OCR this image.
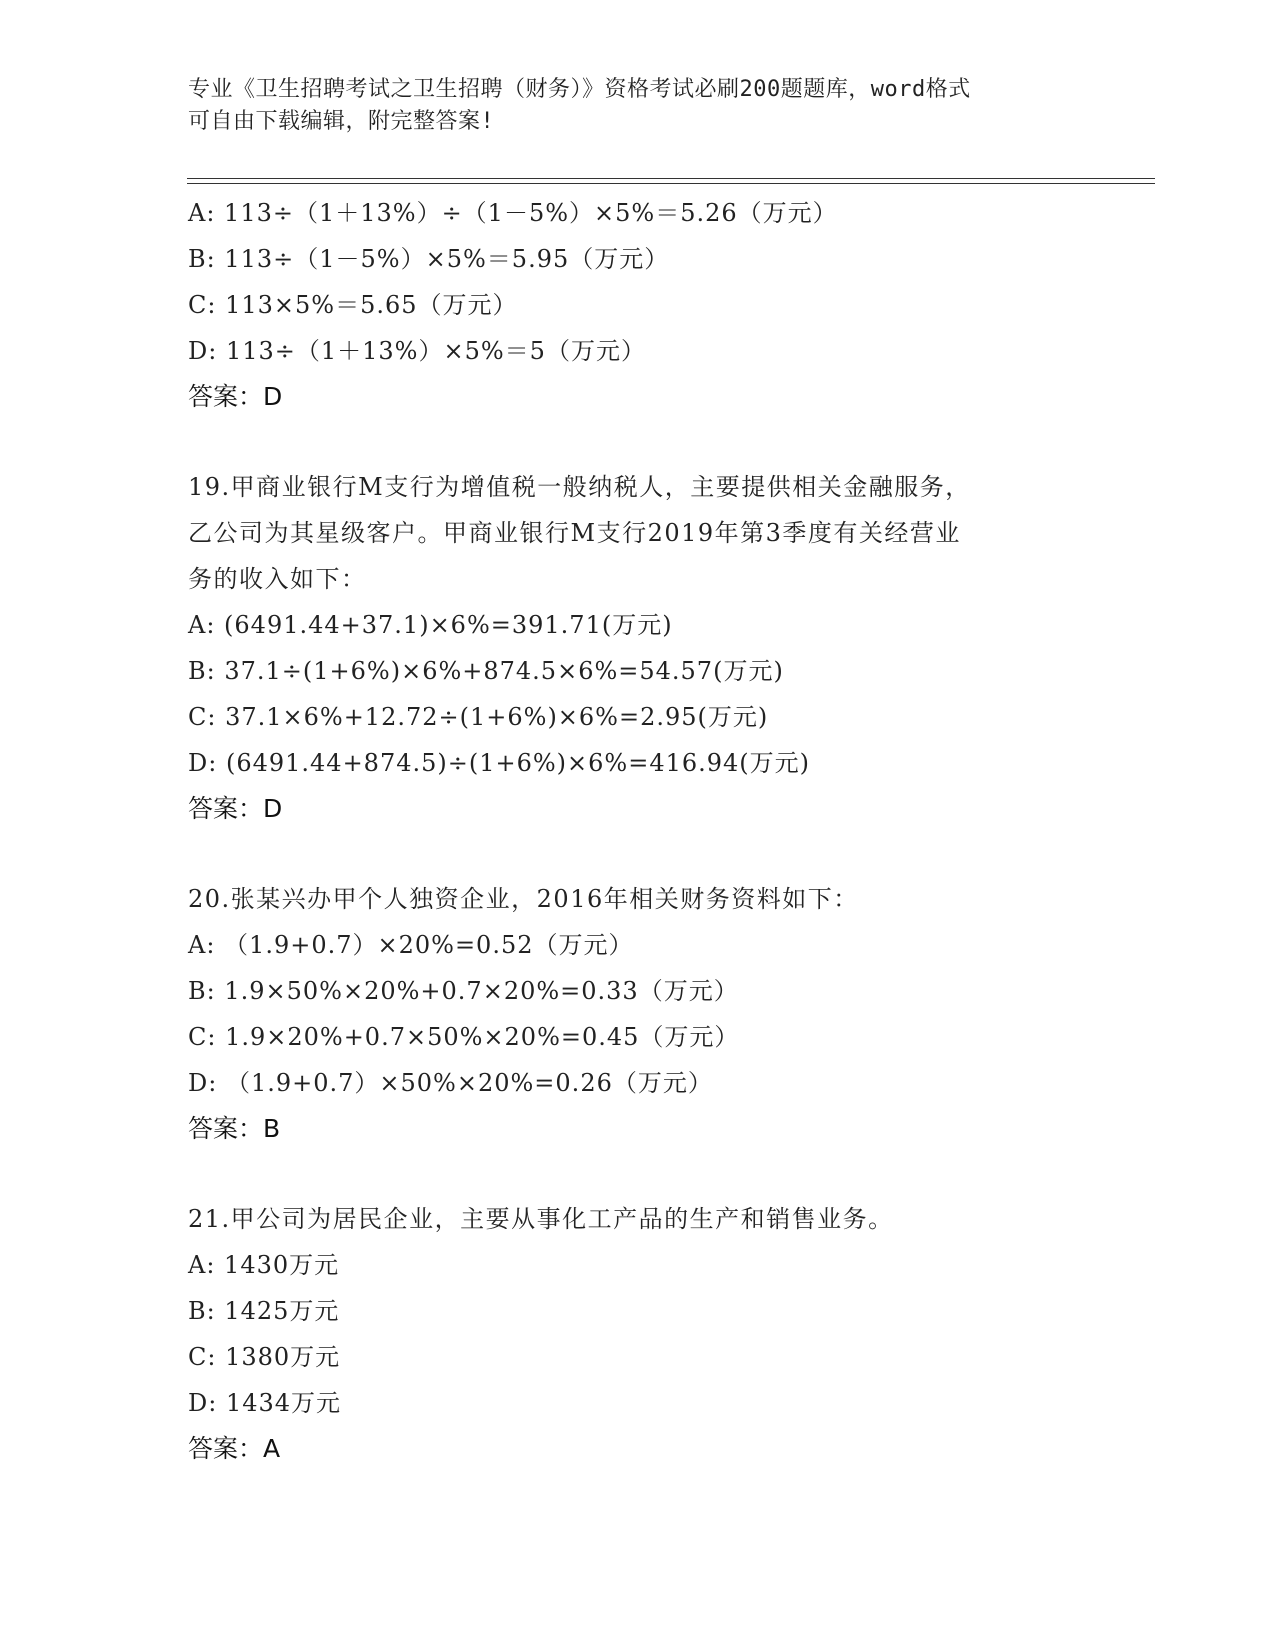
专业《卫生招聘考试之卫生招聘（财务）》资格考试必刷200题题库，word格式
可自由下载编辑，附完整答案!
A: 113÷（1＋13%）÷（1－5%）×5%＝5.26（万元）
B: 113÷（1－5%）×5%＝5.95（万元）
C: 113×5%＝5.65（万元）
D: 113÷（1＋13%）×5%＝5（万元）
答案：D
19.甲商业银行M支行为增值税一般纳税人，主要提供相关金融服务，
乙公司为其星级客户。甲商业银行M支行2019年第3季度有关经营业
务的收入如下：
A: (6491.44+37.1)×6%=391.71(万元)
B: 37.1÷(1+6%)×6%+874.5×6%=54.57(万元)
C: 37.1×6%+12.72÷(1+6%)×6%=2.95(万元)
D: (6491.44+874.5)÷(1+6%)×6%=416.94(万元)
答案：D
20.张某兴办甲个人独资企业，2016年相关财务资料如下：
A: （1.9+0.7）×20%=0.52（万元）
B: 1.9×50%×20%+0.7×20%=0.33（万元）
C: 1.9×20%+0.7×50%×20%=0.45（万元）
D: （1.9+0.7）×50%×20%=0.26（万元）
答案：B
21.甲公司为居民企业，主要从事化工产品的生产和销售业务。
A: 1430万元
B: 1425万元
C: 1380万元
D: 1434万元
答案：A
